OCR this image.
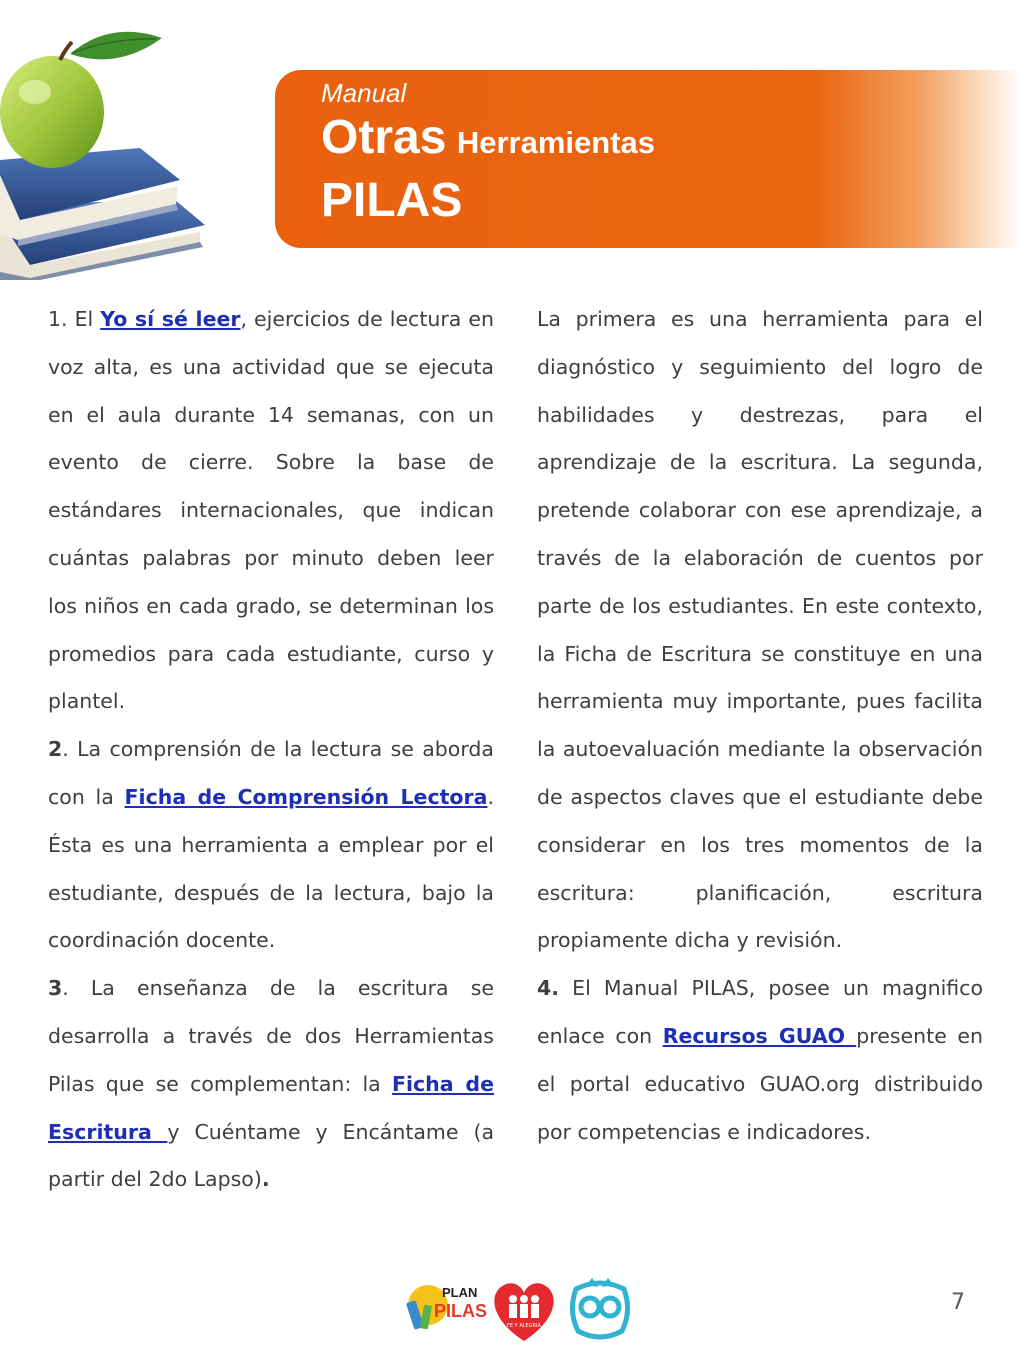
Manual
Otras Herramientas
PILAS

1. El Yo sí sé leer, ejercicios de lectura en voz alta, es una actividad que se ejecuta en el aula durante 14 semanas, con un evento de cierre. Sobre la base de estándares internacionales, que indican cuántas palabras por minuto deben leer los niños en cada grado, se determinan los promedios para cada estudiante, curso y plantel.

2. La comprensión de la lectura se aborda con la Ficha de Comprensión Lectora. Ésta es una herramienta a emplear por el estudiante, después de la lectura, bajo la coordinación docente.

3. La enseñanza de la escritura se desarrolla a través de dos Herramientas Pilas que se complementan: la Ficha de Escritura y Cuéntame y Encántame (a partir del 2do Lapso).

La primera es una herramienta para el diagnóstico y seguimiento del logro de habilidades y destrezas, para el aprendizaje de la escritura. La segunda, pretende colaborar con ese aprendizaje, a través de la elaboración de cuentos por parte de los estudiantes. En este contexto, la Ficha de Escritura se constituye en una herramienta muy importante, pues facilita la autoevaluación mediante la observación de aspectos claves que el estudiante debe considerar en los tres momentos de la escritura: planificación, escritura propiamente dicha y revisión.

4. El Manual PILAS, posee un magnifico enlace con Recursos GUAO presente en el portal educativo GUAO.org distribuido por competencias e indicadores.

PLAN
PILAS
FE Y ALEGRIA
7
